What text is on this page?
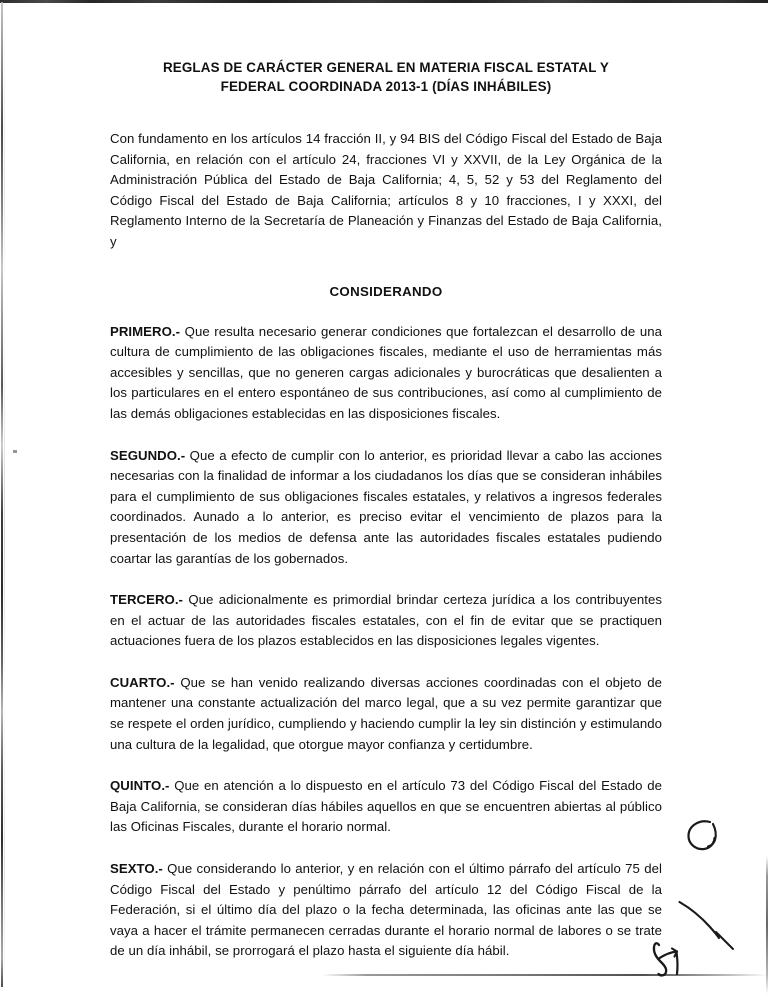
REGLAS DE CARÁCTER GENERAL EN MATERIA FISCAL ESTATAL Y
FEDERAL COORDINADA 2013-1 (DÍAS INHÁBILES)

Con fundamento en los artículos 14 fracción II, y 94 BIS del Código Fiscal del Estado de Baja California, en relación con el artículo 24, fracciones VI y XXVII, de la Ley Orgánica de la Administración Pública del Estado de Baja California; 4, 5, 52 y 53 del Reglamento del Código Fiscal del Estado de Baja California; artículos 8 y 10 fracciones, I y XXXI, del Reglamento Interno de la Secretaría de Planeación y Finanzas del Estado de Baja California, y

CONSIDERANDO

PRIMERO.- Que resulta necesario generar condiciones que fortalezcan el desarrollo de una cultura de cumplimiento de las obligaciones fiscales, mediante el uso de herramientas más accesibles y sencillas, que no generen cargas adicionales y burocráticas que desalienten a los particulares en el entero espontáneo de sus contribuciones, así como al cumplimiento de las demás obligaciones establecidas en las disposiciones fiscales.

SEGUNDO.- Que a efecto de cumplir con lo anterior, es prioridad llevar a cabo las acciones necesarias con la finalidad de informar a los ciudadanos los días que se consideran inhábiles para el cumplimiento de sus obligaciones fiscales estatales, y relativos a ingresos federales coordinados. Aunado a lo anterior, es preciso evitar el vencimiento de plazos para la presentación de los medios de defensa ante las autoridades fiscales estatales pudiendo coartar las garantías de los gobernados.

TERCERO.- Que adicionalmente es primordial brindar certeza jurídica a los contribuyentes en el actuar de las autoridades fiscales estatales, con el fin de evitar que se practiquen actuaciones fuera de los plazos establecidos en las disposiciones legales vigentes.

CUARTO.- Que se han venido realizando diversas acciones coordinadas con el objeto de mantener una constante actualización del marco legal, que a su vez permite garantizar que se respete el orden jurídico, cumpliendo y haciendo cumplir la ley sin distinción y estimulando una cultura de la legalidad, que otorgue mayor confianza y certidumbre.

QUINTO.- Que en atención a lo dispuesto en el artículo 73 del Código Fiscal del Estado de Baja California, se consideran días hábiles aquellos en que se encuentren abiertas al público las Oficinas Fiscales, durante el horario normal.

SEXTO.- Que considerando lo anterior, y en relación con el último párrafo del artículo 75 del Código Fiscal del Estado y penúltimo párrafo del artículo 12 del Código Fiscal de la Federación, si el último día del plazo o la fecha determinada, las oficinas ante las que se vaya a hacer el trámite permanecen cerradas durante el horario normal de labores o se trate de un día inhábil, se prorrogará el plazo hasta el siguiente día hábil.
